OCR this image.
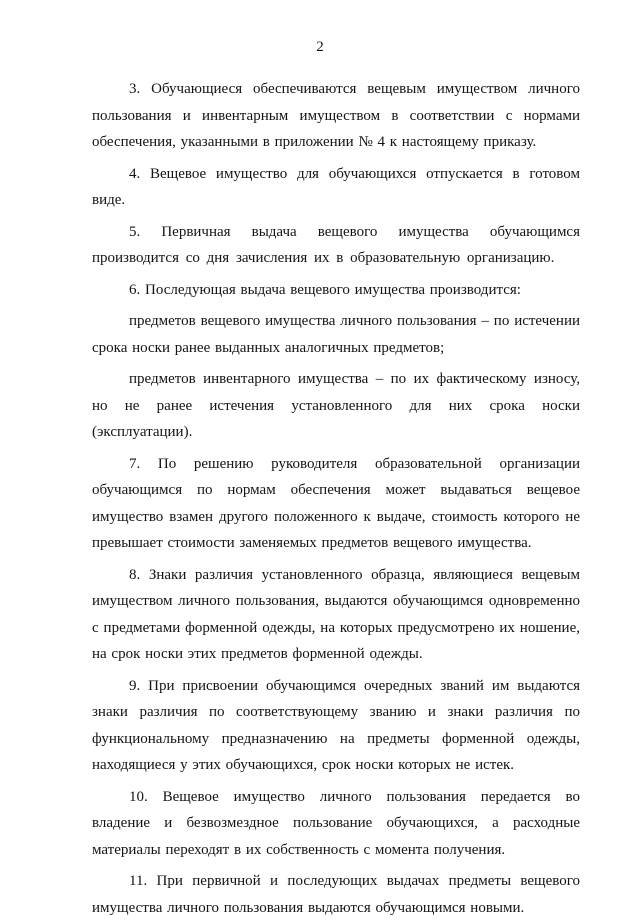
2

3. Обучающиеся обеспечиваются вещевым имуществом личного пользования и инвентарным имуществом в соответствии с нормами обеспечения, указанными в приложении № 4 к настоящему приказу.

4. Вещевое имущество для обучающихся отпускается в готовом виде.

5. Первичная выдача вещевого имущества обучающимся производится со дня зачисления их в образовательную организацию.

6. Последующая выдача вещевого имущества производится:

предметов вещевого имущества личного пользования – по истечении срока носки ранее выданных аналогичных предметов;

предметов инвентарного имущества – по их фактическому износу, но не ранее истечения установленного для них срока носки (эксплуатации).

7. По решению руководителя образовательной организации обучающимся по нормам обеспечения может выдаваться вещевое имущество взамен другого положенного к выдаче, стоимость которого не превышает стоимости заменяемых предметов вещевого имущества.

8. Знаки различия установленного образца, являющиеся вещевым имуществом личного пользования, выдаются обучающимся одновременно с предметами форменной одежды, на которых предусмотрено их ношение, на срок носки этих предметов форменной одежды.

9. При присвоении обучающимся очередных званий им выдаются знаки различия по соответствующему званию и знаки различия по функциональному предназначению на предметы форменной одежды, находящиеся у этих обучающихся, срок носки которых не истек.

10. Вещевое имущество личного пользования передается во владение и безвозмездное пользование обучающихся, а расходные материалы переходят в их собственность с момента получения.

11. При первичной и последующих выдачах предметы вещевого имущества личного пользования выдаются обучающимся новыми.
